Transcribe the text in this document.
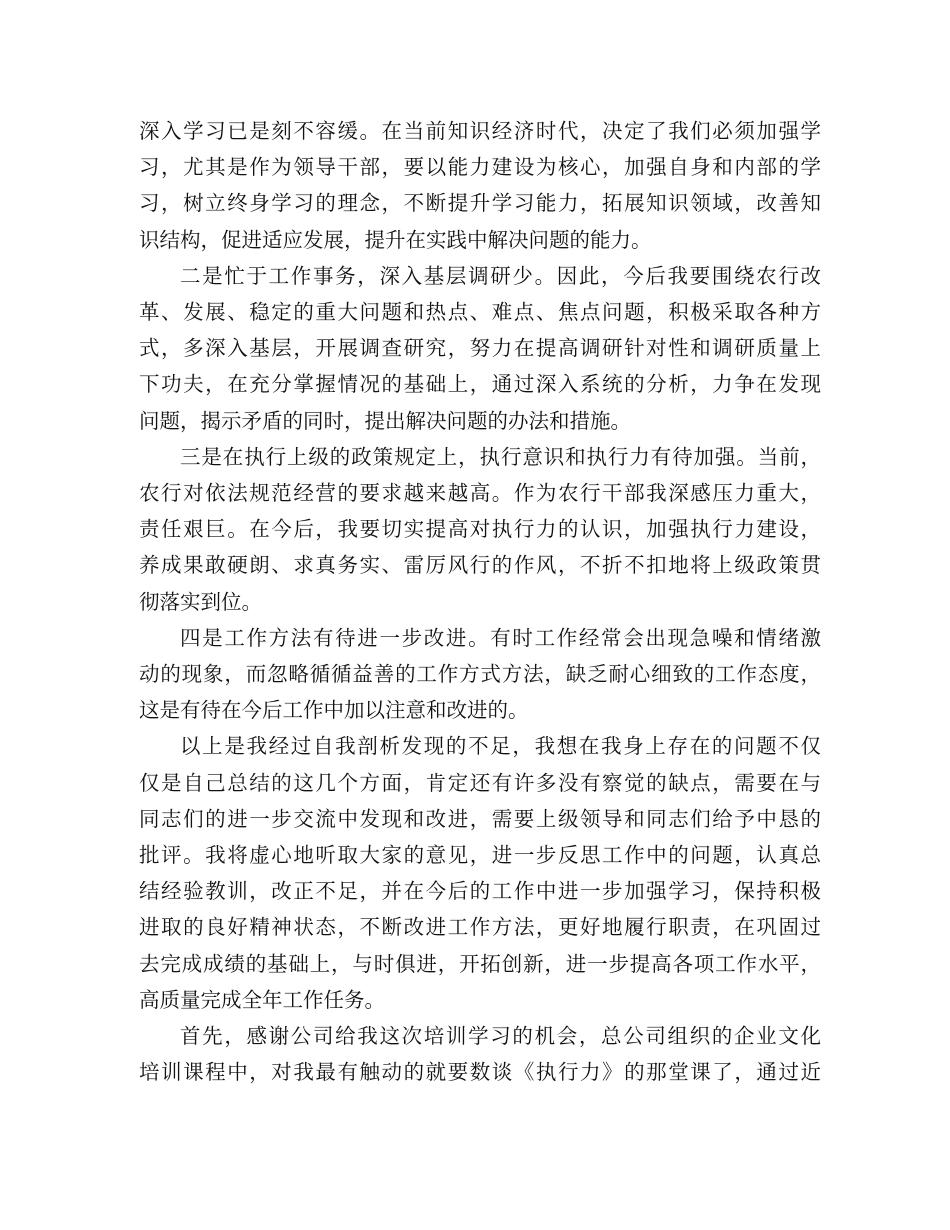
深入学习已是刻不容缓。在当前知识经济时代，决定了我们必须加强学
习，尤其是作为领导干部，要以能力建设为核心，加强自身和内部的学
习，树立终身学习的理念，不断提升学习能力，拓展知识领域，改善知
识结构，促进适应发展，提升在实践中解决问题的能力。

二是忙于工作事务，深入基层调研少。因此，今后我要围绕农行改
革、发展、稳定的重大问题和热点、难点、焦点问题，积极采取各种方
式，多深入基层，开展调查研究，努力在提高调研针对性和调研质量上
下功夫，在充分掌握情况的基础上，通过深入系统的分析，力争在发现
问题，揭示矛盾的同时，提出解决问题的办法和措施。

三是在执行上级的政策规定上，执行意识和执行力有待加强。当前，
农行对依法规范经营的要求越来越高。作为农行干部我深感压力重大，
责任艰巨。在今后，我要切实提高对执行力的认识，加强执行力建设，
养成果敢硬朗、求真务实、雷厉风行的作风，不折不扣地将上级政策贯
彻落实到位。

四是工作方法有待进一步改进。有时工作经常会出现急噪和情绪激
动的现象，而忽略循循益善的工作方式方法，缺乏耐心细致的工作态度，
这是有待在今后工作中加以注意和改进的。

以上是我经过自我剖析发现的不足，我想在我身上存在的问题不仅
仅是自己总结的这几个方面，肯定还有许多没有察觉的缺点，需要在与
同志们的进一步交流中发现和改进，需要上级领导和同志们给予中恳的
批评。我将虚心地听取大家的意见，进一步反思工作中的问题，认真总
结经验教训，改正不足，并在今后的工作中进一步加强学习，保持积极
进取的良好精神状态，不断改进工作方法，更好地履行职责，在巩固过
去完成成绩的基础上，与时俱进，开拓创新，进一步提高各项工作水平，
高质量完成全年工作任务。

首先，感谢公司给我这次培训学习的机会，总公司组织的企业文化
培训课程中，对我最有触动的就要数谈《执行力》的那堂课了，通过近
